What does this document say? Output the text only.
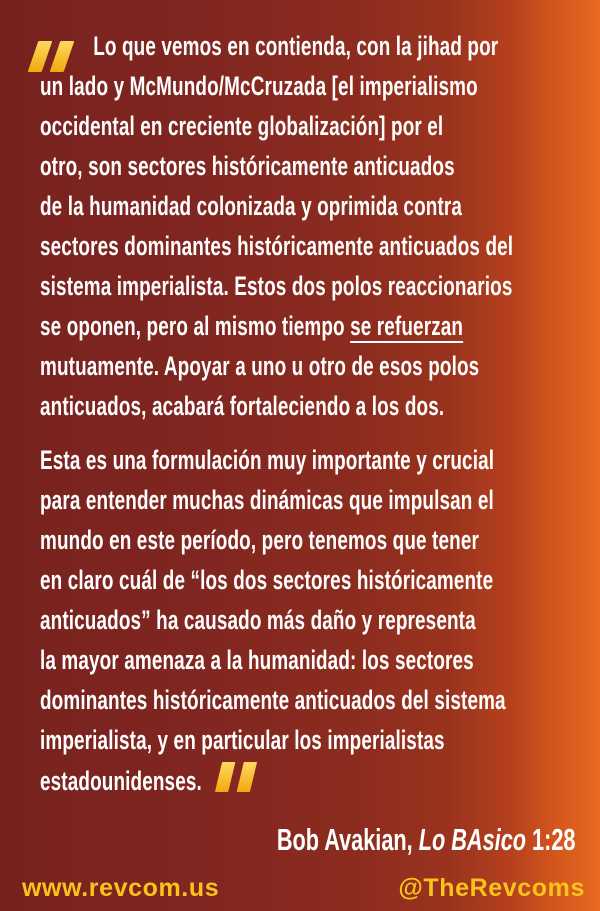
Lo que vemos en contienda, con la jihad por
un lado y McMundo/McCruzada [el imperialismo
occidental en creciente globalización] por el
otro, son sectores históricamente anticuados
de la humanidad colonizada y oprimida contra
sectores dominantes históricamente anticuados del
sistema imperialista. Estos dos polos reaccionarios
se oponen, pero al mismo tiempo se refuerzan
mutuamente. Apoyar a uno u otro de esos polos
anticuados, acabará fortaleciendo a los dos.
Esta es una formulación muy importante y crucial
para entender muchas dinámicas que impulsan el
mundo en este período, pero tenemos que tener
en claro cuál de “los dos sectores históricamente
anticuados” ha causado más daño y representa
la mayor amenaza a la humanidad: los sectores
dominantes históricamente anticuados del sistema
imperialista, y en particular los imperialistas
estadounidenses.
Bob Avakian, Lo BAsico 1:28
www.revcom.us	@TheRevcoms
